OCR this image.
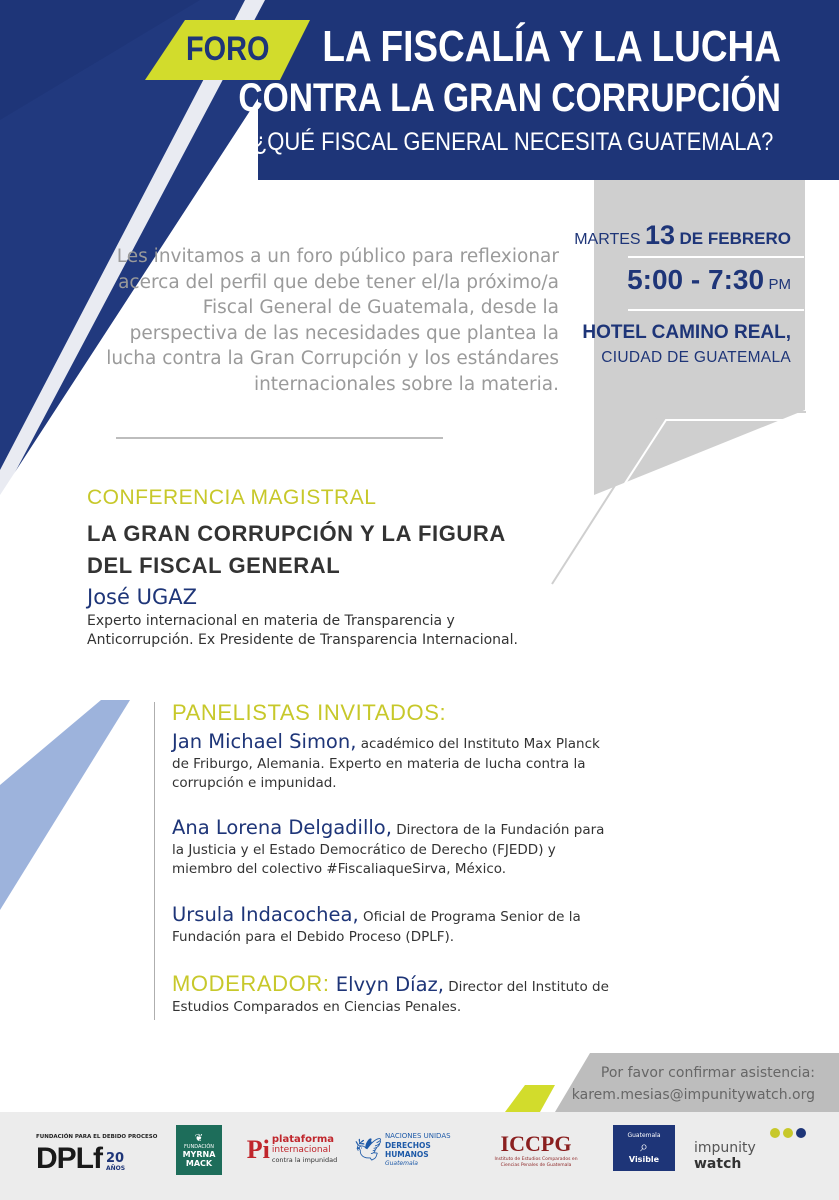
FORO LA FISCALÍA Y LA LUCHA
CONTRA LA GRAN CORRUPCIÓN
¿QUÉ FISCAL GENERAL NECESITA GUATEMALA?
Les invitamos a un foro público para reflexionar acerca del perfil que debe tener el/la próximo/a Fiscal General de Guatemala, desde la perspectiva de las necesidades que plantea la lucha contra la Gran Corrupción y los estándares internacionales sobre la materia.
MARTES 13 DE FEBRERO
5:00 - 7:30 PM
HOTEL CAMINO REAL,
CIUDAD DE GUATEMALA
CONFERENCIA MAGISTRAL
LA GRAN CORRUPCIÓN Y LA FIGURA
DEL FISCAL GENERAL
José UGAZ
Experto internacional en materia de Transparencia y
Anticorrupción. Ex Presidente de Transparencia Internacional.
PANELISTAS INVITADOS:
Jan Michael Simon, académico del Instituto Max Planck de Friburgo, Alemania. Experto en materia de lucha contra la corrupción e impunidad.
Ana Lorena Delgadillo, Directora de la Fundación para la Justicia y el Estado Democrático de Derecho (FJEDD) y miembro del colectivo #FiscaliaqueSirva, México.
Ursula Indacochea, Oficial de Programa Senior de la Fundación para el Debido Proceso (DPLF).
MODERADOR: Elvyn Díaz, Director del Instituto de Estudios Comparados en Ciencias Penales.
Por favor confirmar asistencia:
karem.mesias@impunitywatch.org
FUNDACIÓN PARA EL DEBIDO PROCESO
DPLf 20
AÑOS
❦
FUNDACIÓN
MYRNA
MACK Pi plataforma
internacional
contra la impunidad 🕊
NACIONES UNIDAS
DERECHOS HUMANOS
Guatemala
ICCPG
Instituto de Estudios Comparados en Ciencias Penales de Guatemala
Guatemala
⌕
Visible
impunity watch
